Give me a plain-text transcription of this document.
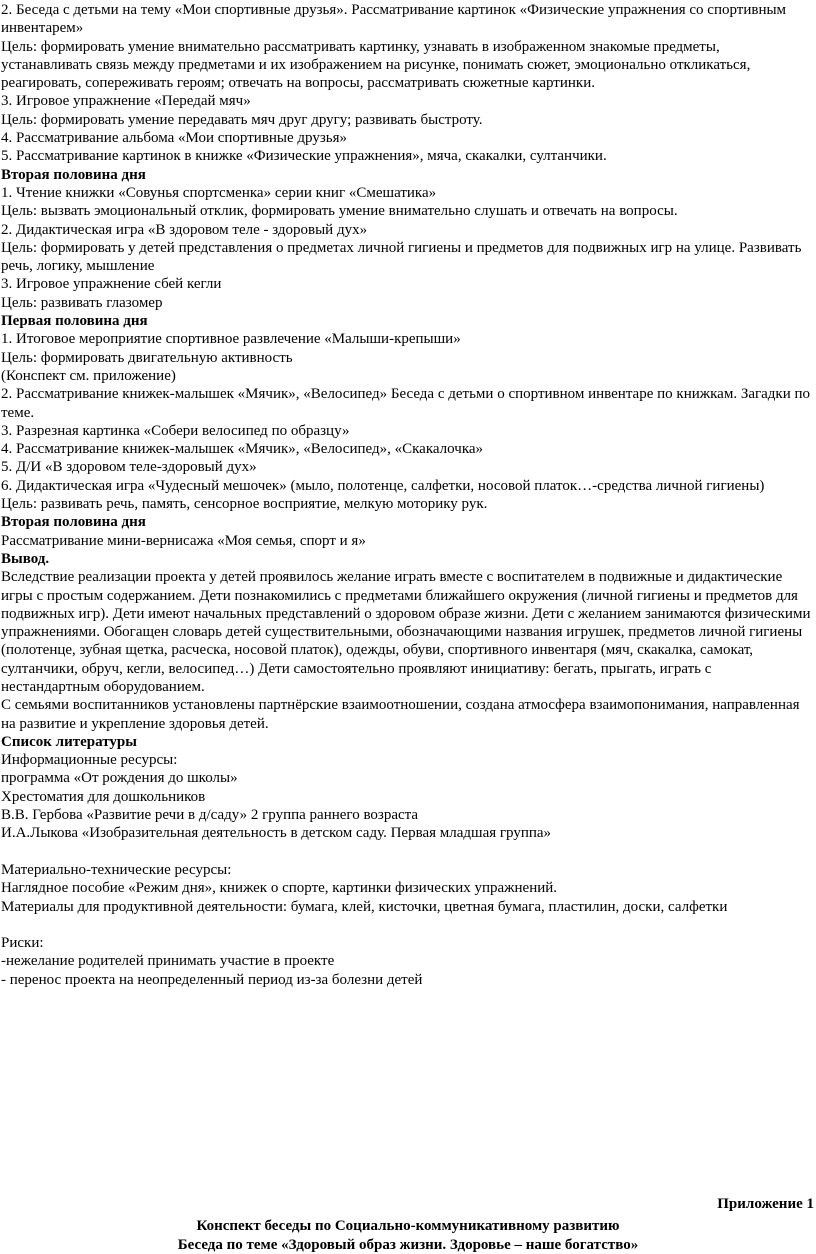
2. Беседа с детьми на тему «Мои спортивные друзья». Рассматривание картинок «Физические упражнения со спортивным инвентарем»

Цель: формировать умение внимательно рассматривать картинку, узнавать в изображенном знакомые предметы, устанавливать связь между предметами и их изображением на рисунке, понимать сюжет, эмоционально откликаться, реагировать, сопереживать героям; отвечать на вопросы, рассматривать сюжетные картинки.

3. Игровое упражнение «Передай мяч»

Цель: формировать умение передавать мяч друг другу; развивать быстроту.

4. Рассматривание альбома «Мои спортивные друзья»

5. Рассматривание картинок в книжке «Физические упражнения», мяча, скакалки, султанчики.

Вторая половина дня

1. Чтение книжки «Совунья спортсменка» серии книг «Смешатика»

Цель: вызвать эмоциональный отклик, формировать умение внимательно слушать и отвечать на вопросы.

2. Дидактическая игра «В здоровом теле - здоровый дух»

Цель: формировать у детей представления о предметах личной гигиены и предметов для подвижных игр на улице. Развивать речь, логику, мышление

3. Игровое упражнение сбей кегли

Цель: развивать глазомер

Первая половина дня

1. Итоговое мероприятие спортивное развлечение «Малыши-крепыши»

Цель: формировать двигательную активность

(Конспект см. приложение)

2. Рассматривание книжек-малышек «Мячик», «Велосипед» Беседа с детьми о спортивном инвентаре по книжкам. Загадки по теме.

3. Разрезная картинка «Собери велосипед по образцу»

4. Рассматривание книжек-малышек «Мячик», «Велосипед», «Скакалочка»

5. Д/И «В здоровом теле-здоровый дух»

6. Дидактическая игра «Чудесный мешочек» (мыло, полотенце, салфетки, носовой платок…-средства личной гигиены)

Цель: развивать речь, память, сенсорное восприятие, мелкую моторику рук.

Вторая половина дня

Рассматривание мини-вернисажа «Моя семья, спорт и я»

Вывод.

Вследствие реализации проекта у детей проявилось желание играть вместе с воспитателем в подвижные и дидактические игры с простым содержанием. Дети познакомились с предметами ближайшего окружения (личной гигиены и предметов для подвижных игр). Дети имеют начальных представлений о здоровом образе жизни. Дети с желанием занимаются физическими упражнениями. Обогащен словарь детей существительными, обозначающими названия игрушек, предметов личной гигиены (полотенце, зубная щетка, расческа, носовой платок), одежды, обуви, спортивного инвентаря (мяч, скакалка, самокат, султанчики, обруч, кегли, велосипед…) Дети самостоятельно проявляют инициативу: бегать, прыгать, играть с нестандартным оборудованием.

С семьями воспитанников установлены партнёрские взаимоотношении, создана атмосфера взаимопонимания, направленная на развитие и укрепление здоровья детей.

Список литературы

Информационные ресурсы:

программа «От рождения до школы»

Хрестоматия для дошкольников

В.В. Гербова «Развитие речи в д/саду» 2 группа раннего возраста

И.А.Лыкова «Изобразительная деятельность в детском саду. Первая младшая группа»

Материально-технические ресурсы:

Наглядное пособие «Режим дня», книжек о спорте, картинки физических упражнений.

Материалы для продуктивной деятельности: бумага, клей, кисточки, цветная бумага, пластилин, доски, салфетки

Риски:

-нежелание родителей принимать участие в проекте

- перенос проекта на неопределенный период из-за болезни детей

Приложение 1

Конспект беседы по Социально-коммуникативному развитию

Беседа по теме «Здоровый образ жизни. Здоровье – наше богатство»
